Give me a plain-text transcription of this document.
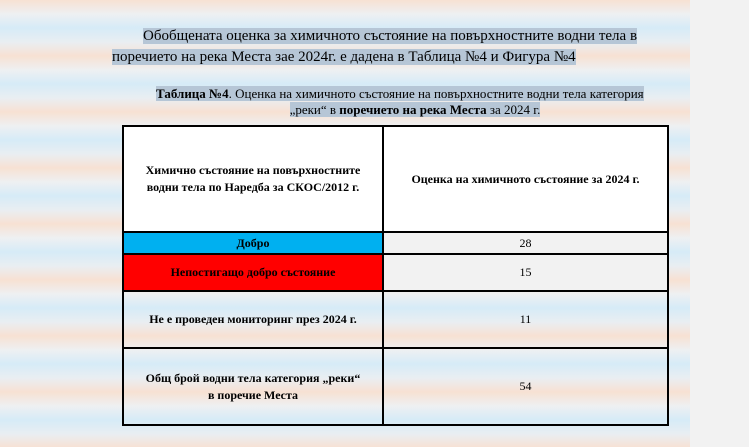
Обобщената оценка за химичното състояние на повърхностните водни тела в
поречието на река Места зае 2024г. е дадена в Таблица №4 и Фигура №4
Таблица №4. Оценка на химичното състояние на повърхностните водни тела категория
„реки“ в поречието на река Места за 2024 г.
Химично състояние на повърхностните водни тела по Наредба за СКОС/2012 г.	Оценка на химичното състояние за 2024 г.
Добро	28
Непостигащо добро състояние	15
Не е проведен мониторинг през 2024 г.	11
Общ брой водни тела категория „реки“
в поречие Места	54
